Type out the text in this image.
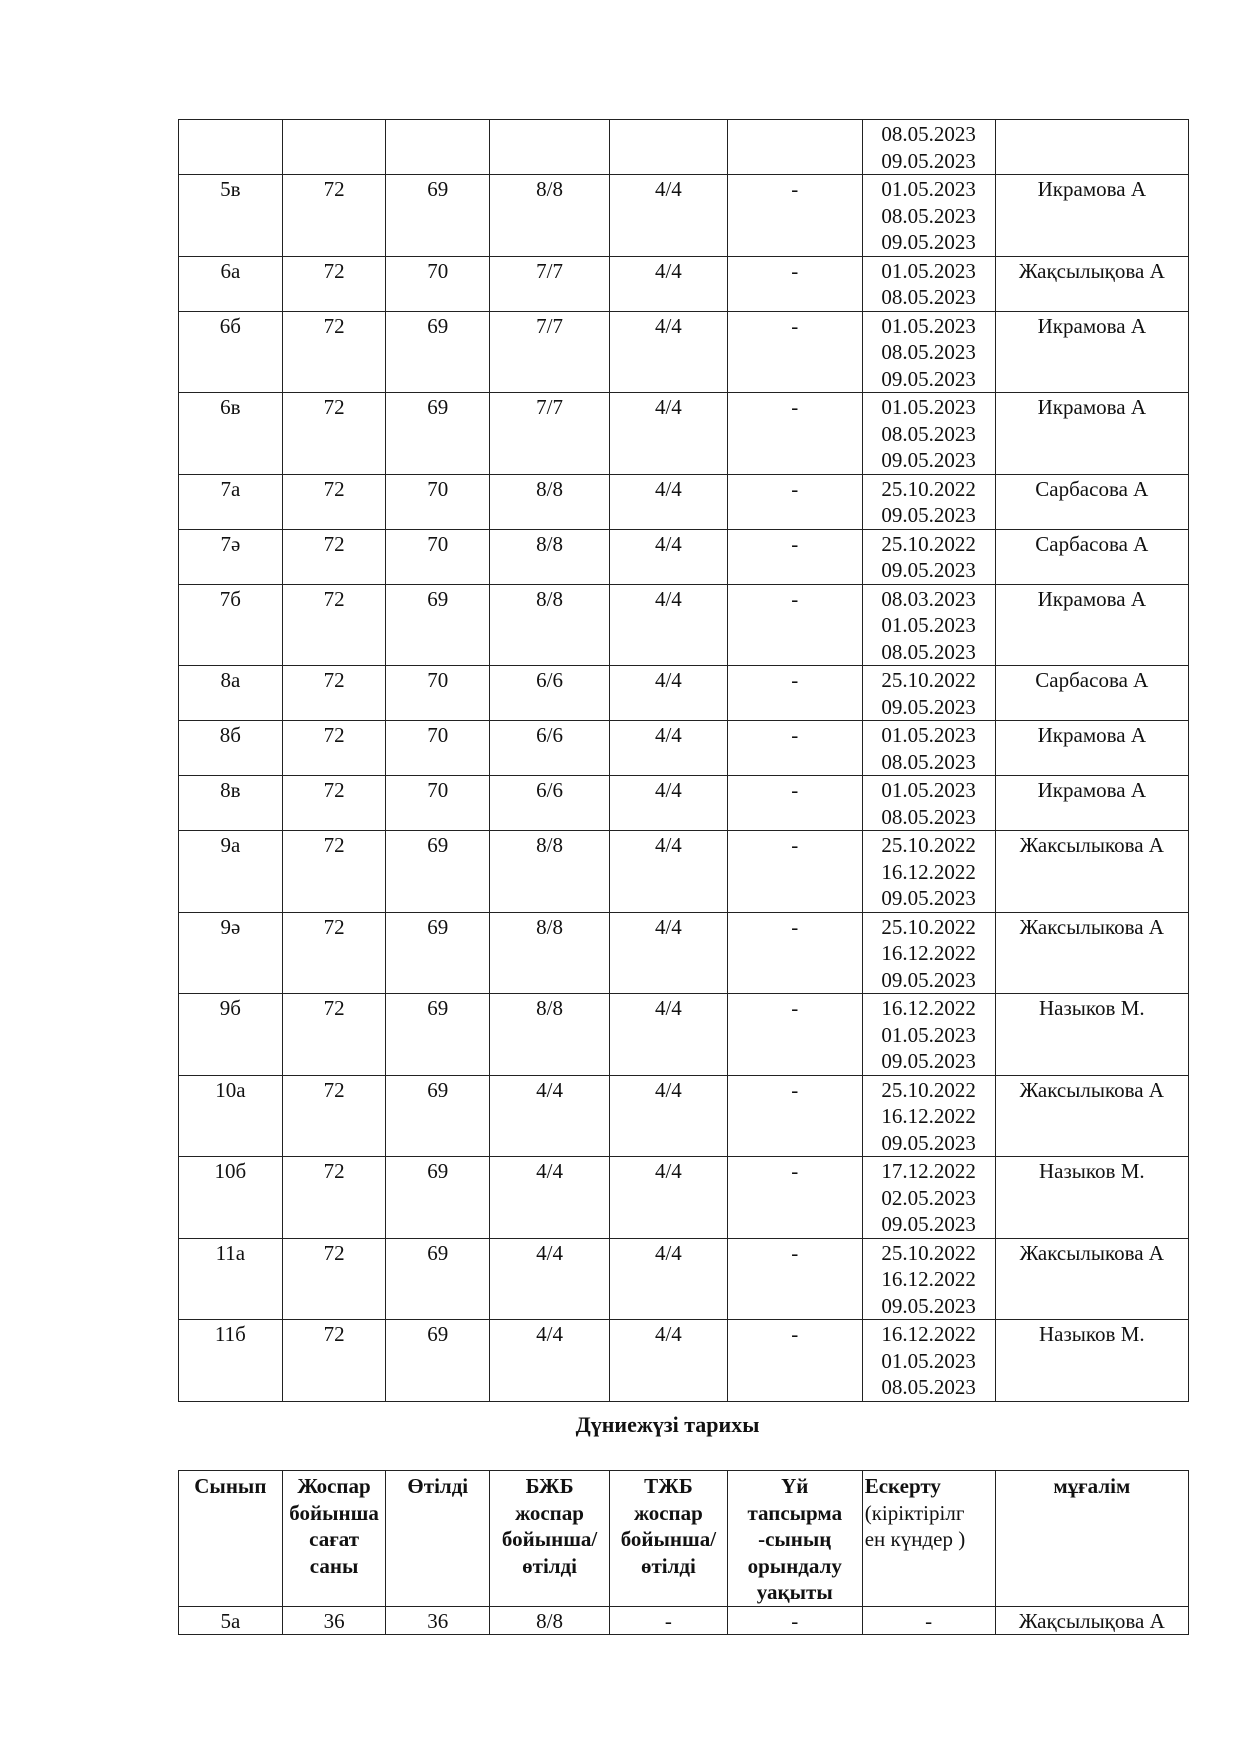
						08.05.2023
09.05.2023	

5в	72	69	8/8	4/4	-	01.05.2023
08.05.2023
09.05.2023	Икрамова А
6а	72	70	7/7	4/4	-	01.05.2023
08.05.2023	Жақсылықова А
6б	72	69	7/7	4/4	-	01.05.2023
08.05.2023
09.05.2023	Икрамова А
6в	72	69	7/7	4/4	-	01.05.2023
08.05.2023
09.05.2023	Икрамова А
7а	72	70	8/8	4/4	-	25.10.2022
09.05.2023	Сарбасова А
7ә	72	70	8/8	4/4	-	25.10.2022
09.05.2023	Сарбасова А
7б	72	69	8/8	4/4	-	08.03.2023
01.05.2023
08.05.2023	Икрамова А
8а	72	70	6/6	4/4	-	25.10.2022
09.05.2023	Сарбасова А
8б	72	70	6/6	4/4	-	01.05.2023
08.05.2023	Икрамова А
8в	72	70	6/6	4/4	-	01.05.2023
08.05.2023	Икрамова А
9а	72	69	8/8	4/4	-	25.10.2022
16.12.2022
09.05.2023	Жаксылыкова А
9ә	72	69	8/8	4/4	-	25.10.2022
16.12.2022
09.05.2023	Жаксылыкова А
9б	72	69	8/8	4/4	-	16.12.2022
01.05.2023
09.05.2023	Назыков М.
10а	72	69	4/4	4/4	-	25.10.2022
16.12.2022
09.05.2023	Жаксылыкова А
10б	72	69	4/4	4/4	-	17.12.2022
02.05.2023
09.05.2023	Назыков М.
11а	72	69	4/4	4/4	-	25.10.2022
16.12.2022
09.05.2023	Жаксылыкова А
11б	72	69	4/4	4/4	-	16.12.2022
01.05.2023
08.05.2023	Назыков М.
Дүниежүзі тарихы
Сынып	Жоспар
бойынша
сағат
саны	Өтілді	БЖБ
жоспар
бойынша/
өтілді	ТЖБ
жоспар
бойынша/
өтілді	Үй
тапсырма
-сының
орындалу
уақыты	Ескерту
(кіріктірілг
ен күндер )	мұғалім

5а	36	36	8/8	-	-	-	Жақсылықова А
